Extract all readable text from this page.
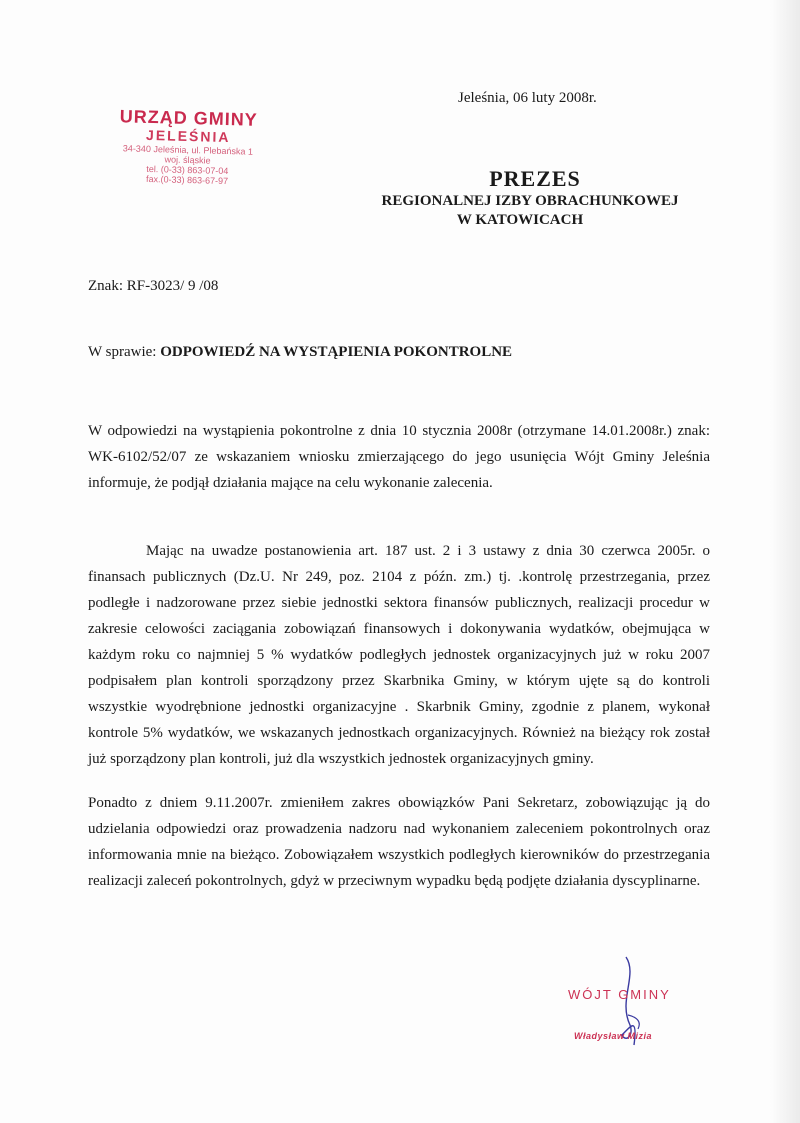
URZĄD GMINY
JELEŚNIA
34-340 Jeleśnia, ul. Plebańska 1
woj. śląskie
tel. (0-33) 863-07-04
fax.(0-33) 863-67-97
Jeleśnia, 06 luty 2008r.
PREZES
REGIONALNEJ IZBY OBRACHUNKOWEJ
W KATOWICACH
Znak: RF-3023/ 9 /08
W sprawie: ODPOWIEDŹ NA WYSTĄPIENIA POKONTROLNE
W odpowiedzi na wystąpienia pokontrolne z dnia 10 stycznia 2008r (otrzymane 14.01.2008r.) znak: WK-6102/52/07 ze wskazaniem wniosku zmierzającego do jego usunięcia Wójt Gminy Jeleśnia informuje, że podjął działania mające na celu wykonanie zalecenia.
Mając na uwadze postanowienia art. 187 ust. 2 i 3 ustawy z dnia 30 czerwca 2005r. o finansach publicznych (Dz.U. Nr 249, poz. 2104 z późn. zm.) tj. .kontrolę przestrzegania, przez podległe i nadzorowane przez siebie jednostki sektora finansów publicznych, realizacji procedur w zakresie celowości zaciągania zobowiązań finansowych i dokonywania wydatków, obejmująca w każdym roku co najmniej 5 % wydatków podległych jednostek organizacyjnych już w roku 2007 podpisałem plan kontroli sporządzony przez Skarbnika Gminy, w którym ujęte są do kontroli wszystkie wyodrębnione jednostki organizacyjne . Skarbnik Gminy, zgodnie z planem, wykonał kontrole 5% wydatków, we wskazanych jednostkach organizacyjnych. Również na bieżący rok został już sporządzony plan kontroli, już dla wszystkich jednostek organizacyjnych gminy.
Ponadto z dniem 9.11.2007r. zmieniłem zakres obowiązków Pani Sekretarz, zobowiązując ją do udzielania odpowiedzi oraz prowadzenia nadzoru nad wykonaniem zaleceniem pokontrolnych oraz informowania mnie na bieżąco. Zobowiązałem wszystkich podległych kierowników do przestrzegania realizacji zaleceń pokontrolnych, gdyż w przeciwnym wypadku będą podjęte działania dyscyplinarne.
WÓJT GMINY
Władysław Mizia
